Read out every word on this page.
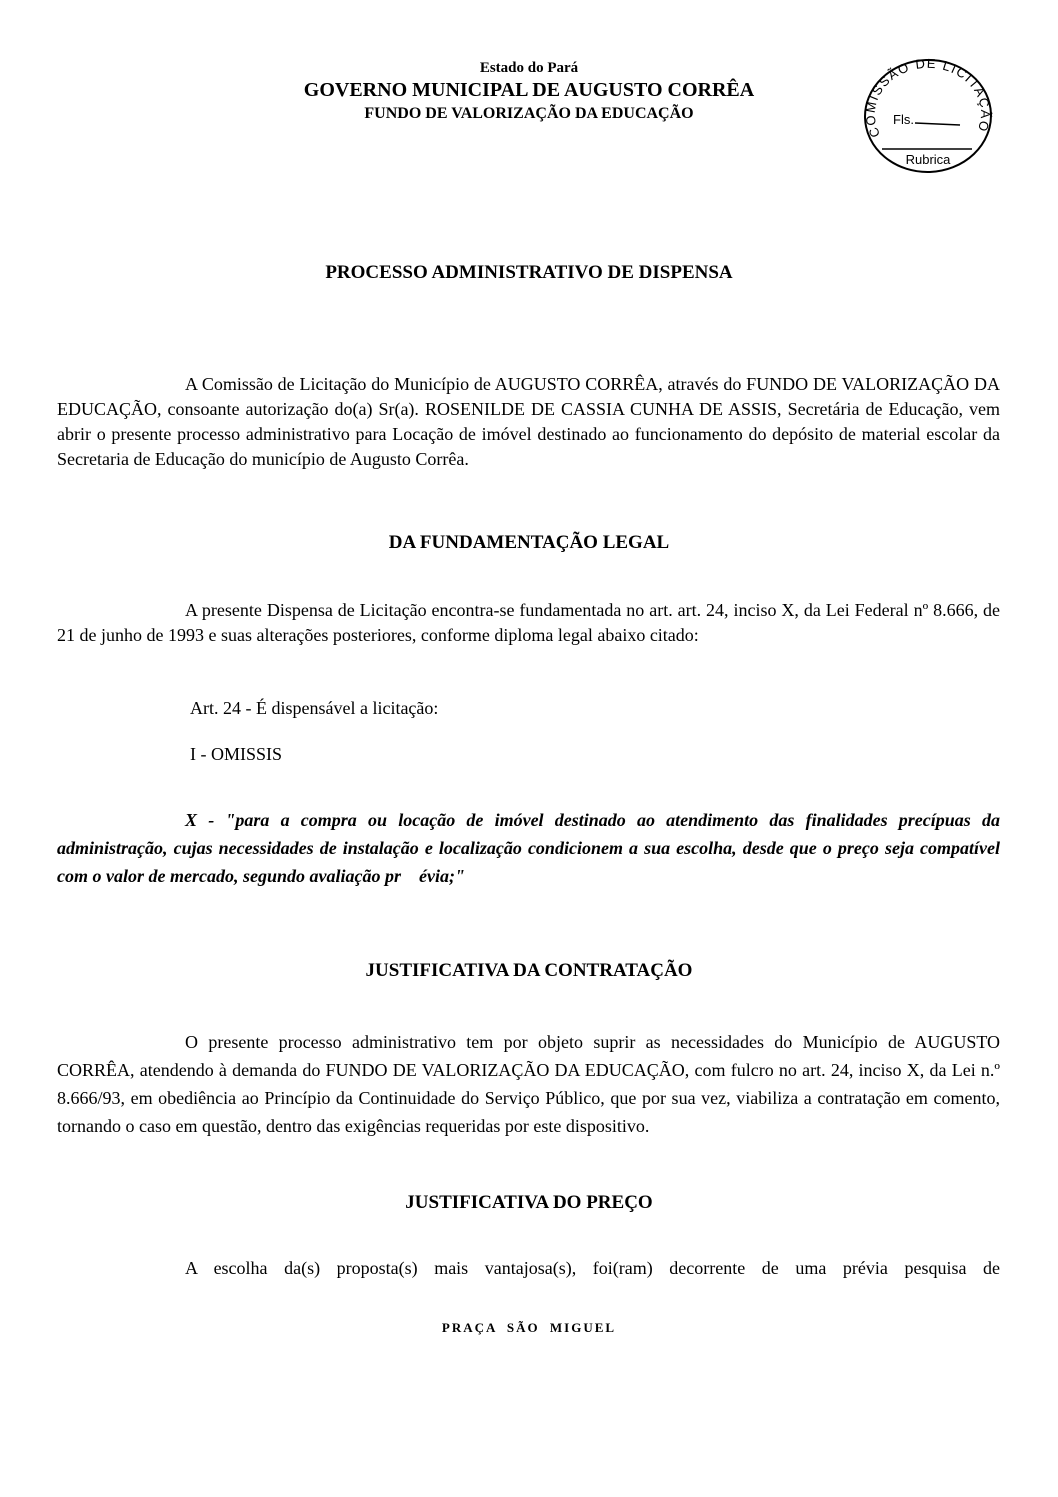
Estado do Pará
GOVERNO MUNICIPAL DE AUGUSTO CORRÊA
FUNDO DE VALORIZAÇÃO DA EDUCAÇÃO
COMISSÃO DE LICITAÇÃO
Fls.
Rubrica
PROCESSO ADMINISTRATIVO DE DISPENSA
A Comissão de Licitação do Município de AUGUSTO CORRÊA, através do FUNDO DE VALORIZAÇÃO DA EDUCAÇÃO, consoante autorização do(a) Sr(a). ROSENILDE DE CASSIA CUNHA DE ASSIS, Secretária de Educação, vem abrir o presente processo administrativo para Locação de imóvel destinado ao funcionamento do depósito de material escolar da Secretaria de Educação do município de Augusto Corrêa.
DA FUNDAMENTAÇÃO LEGAL
A presente Dispensa de Licitação encontra-se fundamentada no art. art. 24, inciso X, da Lei Federal nº 8.666, de 21 de junho de 1993 e suas alterações posteriores, conforme diploma legal abaixo citado:
Art. 24 - É dispensável a licitação:
I - OMISSIS
X - "para a compra ou locação de imóvel destinado ao atendimento das finalidades precípuas da administração, cujas necessidades de instalação e localização condicionem a sua escolha, desde que o preço seja compatível com o valor de mercado, segundo avaliação pr    évia;"
JUSTIFICATIVA DA CONTRATAÇÃO
O presente processo administrativo tem por objeto suprir as necessidades do Município de AUGUSTO CORRÊA, atendendo à demanda do FUNDO DE VALORIZAÇÃO DA EDUCAÇÃO, com fulcro no art. 24, inciso X, da Lei n.º 8.666/93, em obediência ao Princípio da Continuidade do Serviço Público, que por sua vez, viabiliza a contratação em comento, tornando o caso em questão, dentro das exigências requeridas por este dispositivo.
JUSTIFICATIVA DO PREÇO
A escolha da(s) proposta(s) mais vantajosa(s), foi(ram) decorrente de uma prévia pesquisa de
PRAÇA SÃO MIGUEL
